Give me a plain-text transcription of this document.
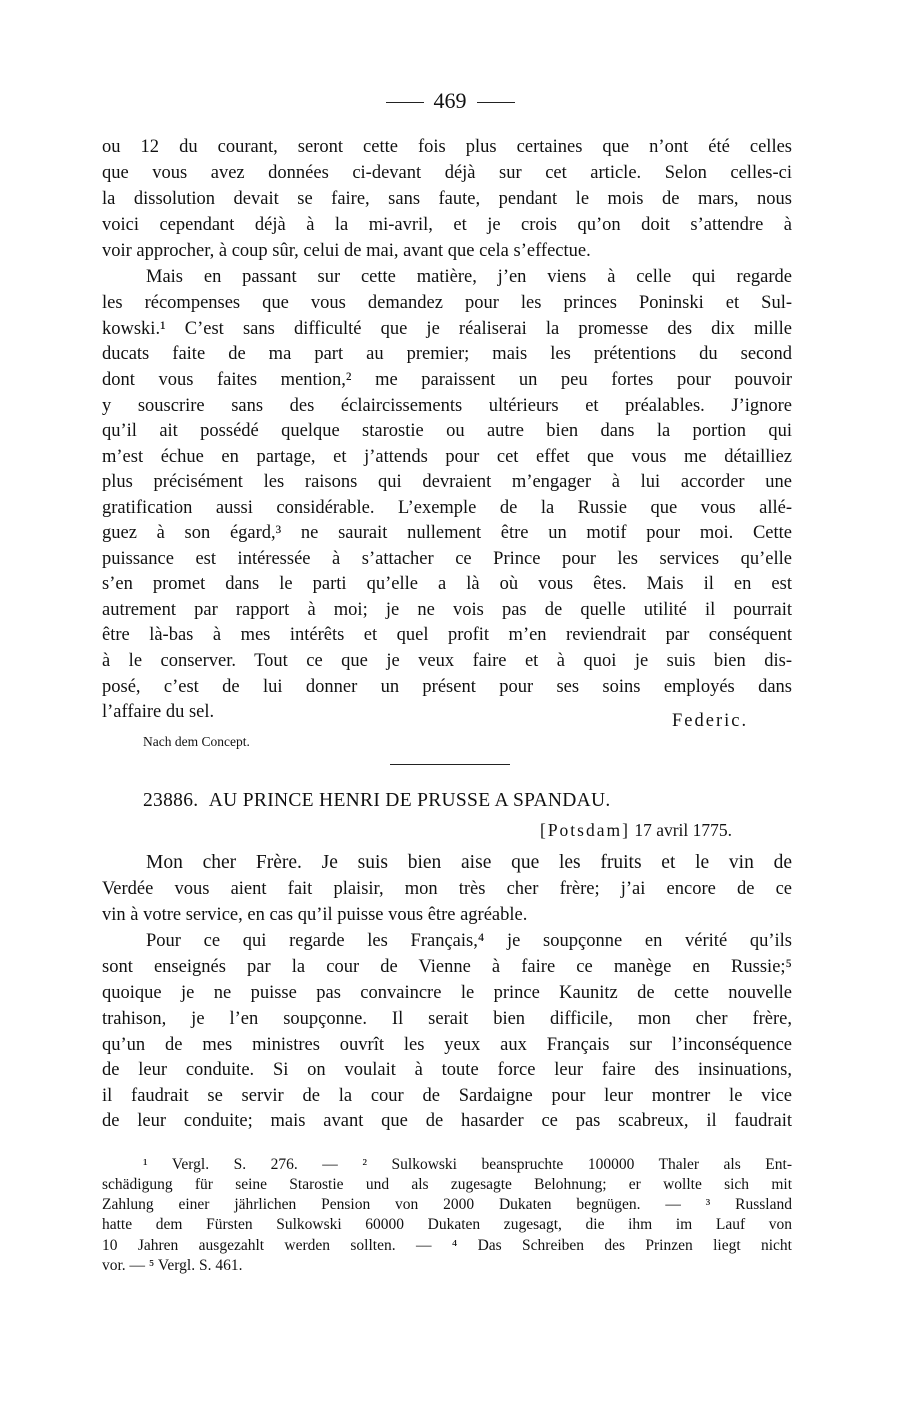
469
ou 12 du courant, seront cette fois plus certaines que n’ont été celles
que vous avez données ci-devant déjà sur cet article. Selon celles-ci
la dissolution devait se faire, sans faute, pendant le mois de mars, nous
voici cependant déjà à la mi-avril, et je crois qu’on doit s’attendre à
voir approcher, à coup sûr, celui de mai, avant que cela s’effectue.
Mais en passant sur cette matière, j’en viens à celle qui regarde
les récompenses que vous demandez pour les princes Poninski et Sul-
kowski.¹ C’est sans difficulté que je réaliserai la promesse des dix mille
ducats faite de ma part au premier; mais les prétentions du second
dont vous faites mention,² me paraissent un peu fortes pour pouvoir
y souscrire sans des éclaircissements ultérieurs et préalables. J’ignore
qu’il ait possédé quelque starostie ou autre bien dans la portion qui
m’est échue en partage, et j’attends pour cet effet que vous me détailliez
plus précisément les raisons qui devraient m’engager à lui accorder une
gratification aussi considérable. L’exemple de la Russie que vous allé-
guez à son égard,³ ne saurait nullement être un motif pour moi. Cette
puissance est intéressée à s’attacher ce Prince pour les services qu’elle
s’en promet dans le parti qu’elle a là où vous êtes. Mais il en est
autrement par rapport à moi; je ne vois pas de quelle utilité il pourrait
être là-bas à mes intérêts et quel profit m’en reviendrait par conséquent
à le conserver. Tout ce que je veux faire et à quoi je suis bien dis-
posé, c’est de lui donner un présent pour ses soins employés dans
l’affaire du sel.	Federic.
Nach dem Concept.
23886. AU PRINCE HENRI DE PRUSSE A SPANDAU.
[Potsdam] 17 avril 1775.
Mon cher Frère. Je suis bien aise que les fruits et le vin de
Verdée vous aient fait plaisir, mon très cher frère; j’ai encore de ce
vin à votre service, en cas qu’il puisse vous être agréable.
Pour ce qui regarde les Français,⁴ je soupçonne en vérité qu’ils
sont enseignés par la cour de Vienne à faire ce manège en Russie;⁵
quoique je ne puisse pas convaincre le prince Kaunitz de cette nouvelle
trahison, je l’en soupçonne. Il serait bien difficile, mon cher frère,
qu’un de mes ministres ouvrît les yeux aux Français sur l’inconséquence
de leur conduite. Si on voulait à toute force leur faire des insinuations,
il faudrait se servir de la cour de Sardaigne pour leur montrer le vice
de leur conduite; mais avant que de hasarder ce pas scabreux, il faudrait
¹ Vergl. S. 276. — ² Sulkowski beanspruchte 100000 Thaler als Ent-
schädigung für seine Starostie und als zugesagte Belohnung; er wollte sich mit
Zahlung einer jährlichen Pension von 2000 Dukaten begnügen. — ³ Russland
hatte dem Fürsten Sulkowski 60000 Dukaten zugesagt, die ihm im Lauf von
10 Jahren ausgezahlt werden sollten. — ⁴ Das Schreiben des Prinzen liegt nicht
vor. — ⁵ Vergl. S. 461.
